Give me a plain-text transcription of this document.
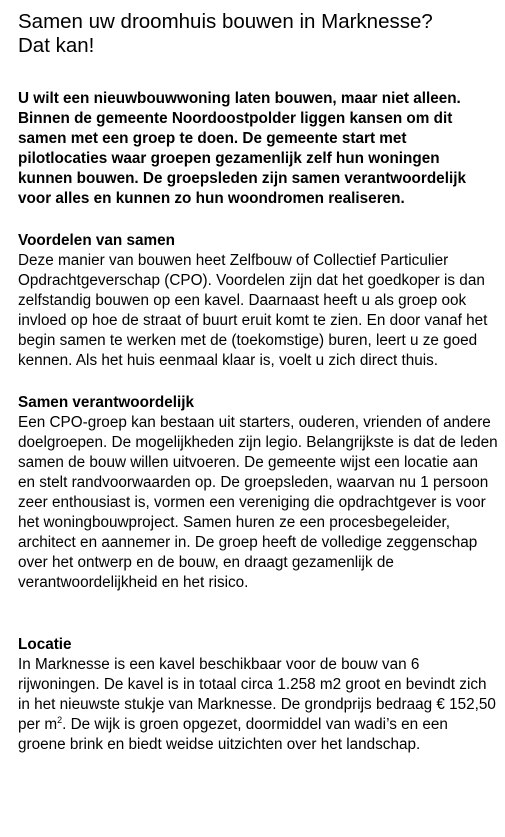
Samen uw droomhuis bouwen in Marknesse?
Dat kan!

U wilt een nieuwbouwwoning laten bouwen, maar niet alleen. Binnen de gemeente Noordoostpolder liggen kansen om dit samen met een groep te doen. De gemeente start met pilotlocaties waar groepen gezamenlijk zelf hun woningen kunnen bouwen. De groepsleden zijn samen verantwoordelijk voor alles en kunnen zo hun woondromen realiseren.

Voordelen van samen

Deze manier van bouwen heet Zelfbouw of Collectief Particulier Opdrachtgeverschap (CPO). Voordelen zijn dat het goedkoper is dan zelfstandig bouwen op een kavel. Daarnaast heeft u als groep ook invloed op hoe de straat of buurt eruit komt te zien. En door vanaf het begin samen te werken met de (toekomstige) buren, leert u ze goed kennen. Als het huis eenmaal klaar is, voelt u zich direct thuis.

Samen verantwoordelijk

Een CPO-groep kan bestaan uit starters, ouderen, vrienden of andere doelgroepen. De mogelijkheden zijn legio. Belangrijkste is dat de leden samen de bouw willen uitvoeren. De gemeente wijst een locatie aan en stelt randvoorwaarden op. De groepsleden, waarvan nu 1 persoon zeer enthousiast is, vormen een vereniging die opdrachtgever is voor het woningbouwproject. Samen huren ze een procesbegeleider, architect en aannemer in. De groep heeft de volledige zeggenschap over het ontwerp en de bouw, en draagt gezamenlijk de verantwoordelijkheid en het risico.

Locatie

In Marknesse is een kavel beschikbaar voor de bouw van 6 rijwoningen. De kavel is in totaal circa 1.258 m2 groot en bevindt zich in het nieuwste stukje van Marknesse. De grondprijs bedraag € 152,50 per $m^2$. De wijk is groen opgezet, doormiddel van wadi’s en een groene brink en biedt weidse uitzichten over het landschap.
